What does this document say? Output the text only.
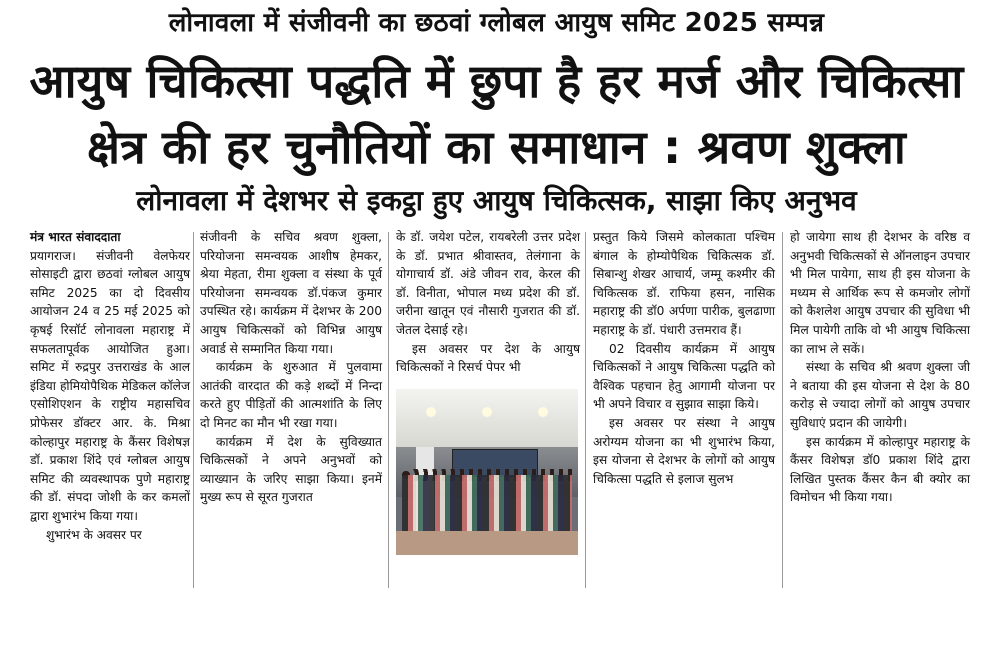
लोनावला में संजीवनी का छठवां ग्लोबल आयुष समिट 2025 सम्पन्न
आयुष चिकित्सा पद्धति में छुपा है हर मर्ज और चिकित्सा
क्षेत्र की हर चुनौतियों का समाधान : श्रवण शुक्ला
लोनावला में देशभर से इकट्ठा हुए आयुष चिकित्सक, साझा किए अनुभव

मंत्र भारत संवाददाता

प्रयागराज। संजीवनी वेलफेयर सोसाइटी द्वारा छठवां ग्लोबल आयुष समिट 2025 का दो दिवसीय आयोजन 24 व 25 मई 2025 को कृषई रिसॉर्ट लोनावला महाराष्ट्र में सफलतापूर्वक आयोजित हुआ। समिट में रुद्रपुर उत्तराखंड के आल इंडिया होमियोपैथिक मेडिकल कॉलेज एसोशिएशन के राष्ट्रीय महासचिव प्रोफेसर डॉक्टर आर. के. मिश्रा कोल्हापुर महाराष्ट्र के कैंसर विशेषज्ञ डॉ. प्रकाश शिंदे एवं ग्लोबल आयुष समिट की व्यवस्थापक पुणे महाराष्ट्र की डॉ. संपदा जोशी के कर कमलों द्वारा शुभारंभ किया गया।

शुभारंभ के अवसर पर

संजीवनी के सचिव श्रवण शुक्ला, परियोजना समन्वयक आशीष हेमकर, श्रेया मेहता, रीमा शुक्ला व संस्था के पूर्व परियोजना समन्वयक डॉ.पंकज कुमार उपस्थित रहे। कार्यक्रम में देशभर के 200 आयुष चिकित्सकों को विभिन्न आयुष अवार्ड से सम्मानित किया गया।

कार्यक्रम के शुरुआत में पुलवामा आतंकी वारदात की कड़े शब्दों में निन्दा करते हुए पीड़ितों की आत्मशांति के लिए दो मिनट का मौन भी रखा गया।

कार्यक्रम में देश के सुविख्यात चिकित्सकों ने अपने अनुभवों को व्याख्यान के जरिए साझा किया। इनमें मुख्य रूप से सूरत गुजरात

के डॉ. जयेश पटेल, रायबरेली उत्तर प्रदेश के डॉ. प्रभात श्रीवास्तव, तेलंगाना के योगाचार्य डॉ. अंडे जीवन राव, केरल की डॉ. विनीता, भोपाल मध्य प्रदेश की डॉ. जरीना खातून एवं नौसारी गुजरात की डॉ. जेतल देसाई रहे।

इस अवसर पर देश के आयुष चिकित्सकों ने रिसर्च पेपर भी

प्रस्तुत किये जिसमे कोलकाता पश्चिम बंगाल के होम्योपैथिक चिकित्सक डॉ. सिबान्शु शेखर आचार्य, जम्मू कश्मीर की चिकित्सक डॉ. राफिया हसन, नासिक महाराष्ट्र की डॉ0 अर्पणा पारीक, बुलढाणा महाराष्ट्र के डॉ. पंधारी उत्तमराव हैं।

02 दिवसीय कार्यक्रम में आयुष चिकित्सकों ने आयुष चिकित्सा पद्धति को वैश्विक पहचान हेतु आगामी योजना पर भी अपने विचार व सुझाव साझा किये।

इस अवसर पर संस्था ने आयुष अरोग्यम योजना का भी शुभारंभ किया, इस योजना से देशभर के लोगों को आयुष चिकित्सा पद्धति से इलाज सुलभ

हो जायेगा साथ ही देशभर के वरिष्ठ व अनुभवी चिकित्सकों से ऑनलाइन उपचार भी मिल पायेगा, साथ ही इस योजना के मध्यम से आर्थिक रूप से कमजोर लोगों को कैशलेश आयुष उपचार की सुविधा भी मिल पायेगी ताकि वो भी आयुष चिकित्सा का लाभ ले सकें।

संस्था के सचिव श्री श्रवण शुक्ला जी ने बताया की इस योजना से देश के 80 करोड़ से ज्यादा लोगों को आयुष उपचार सुविधाएं प्रदान की जायेगी।

इस कार्यक्रम में कोल्हापुर महाराष्ट्र के कैंसर विशेषज्ञ डॉ0 प्रकाश शिंदे द्वारा लिखित पुस्तक कैंसर कैन बी क्योर का विमोचन भी किया गया।
